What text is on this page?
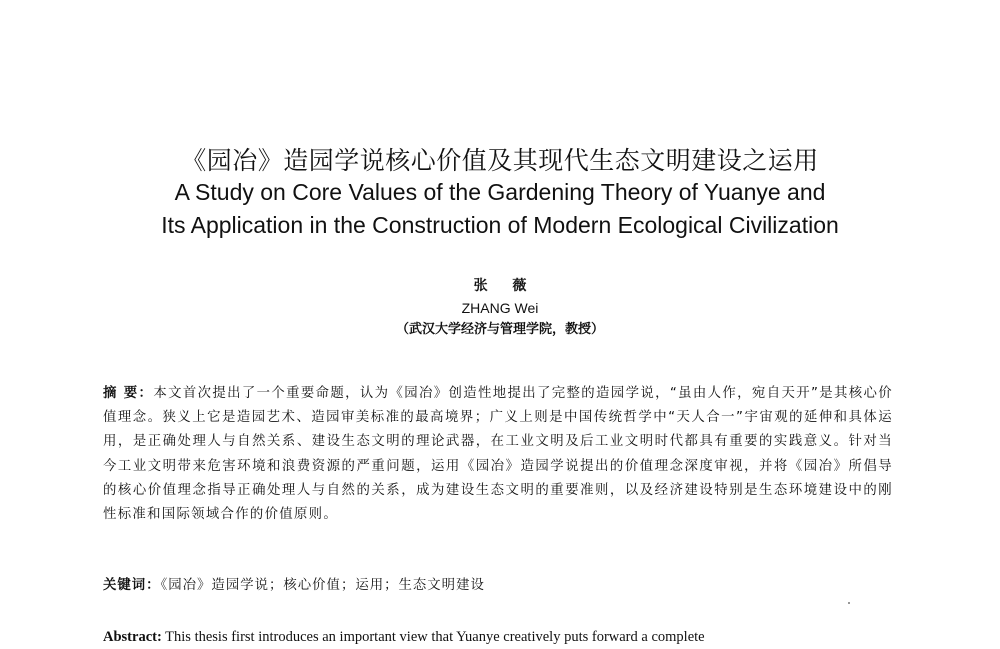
《园冶》造园学说核心价值及其现代生态文明建设之运用
A Study on Core Values of the Gardening Theory of Yuanye and
Its Application in the Construction of Modern Ecological Civilization
张 薇
ZHANG Wei
（武汉大学经济与管理学院，教授）
摘 要：本文首次提出了一个重要命题，认为《园冶》创造性地提出了完整的造园学说，“虽由人作，宛自天开”是其核心价值理念。狭义上它是造园艺术、造园审美标准的最高境界；广义上则是中国传统哲学中“天人合一”宇宙观的延伸和具体运用，是正确处理人与自然关系、建设生态文明的理论武器，在工业文明及后工业文明时代都具有重要的实践意义。针对当今工业文明带来危害环境和浪费资源的严重问题，运用《园冶》造园学说提出的价值理念深度审视，并将《园冶》所倡导的核心价值理念指导正确处理人与自然的关系，成为建设生态文明的重要准则，以及经济建设特别是生态环境建设中的刚性标准和国际领域合作的价值原则。
关键词：《园冶》造园学说；核心价值；运用；生态文明建设
Abstract: This thesis first introduces an important view that Yuanye creatively puts forward a complete
